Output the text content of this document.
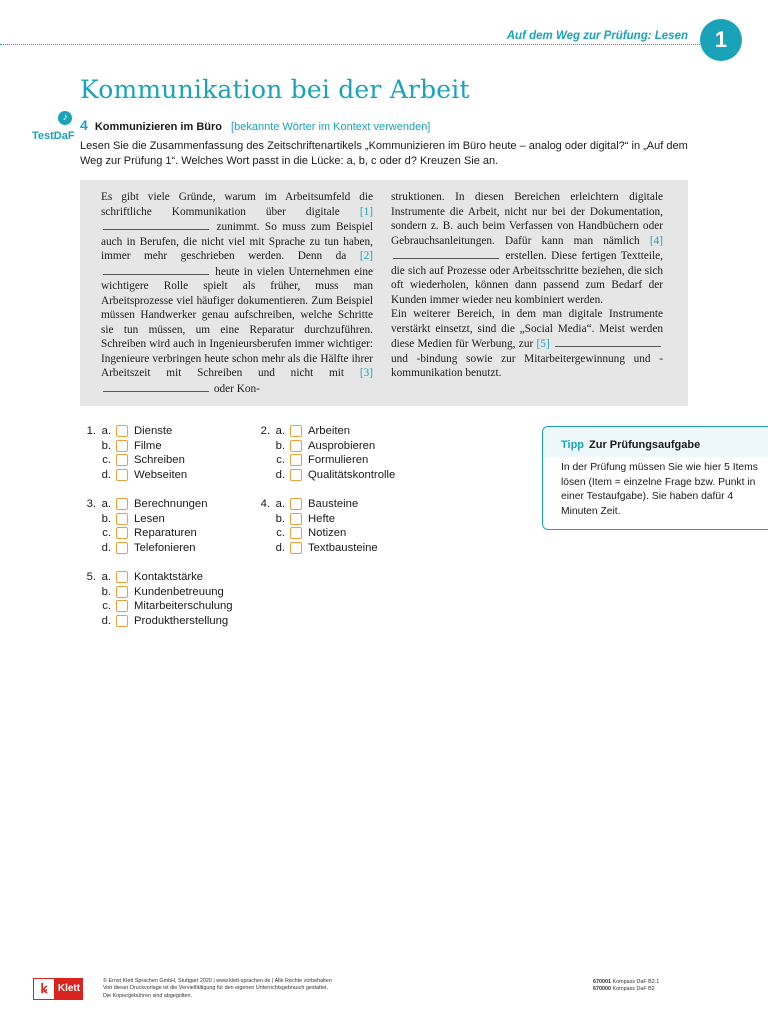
Auf dem Weg zur Prüfung: Lesen	1
Kommunikation bei der Arbeit
♪
TestDaF
4 Kommunizieren im Büro [bekannte Wörter im Kontext verwenden]
Lesen Sie die Zusammenfassung des Zeitschriftenartikels „Kommunizieren im Büro heute – analog oder digital?“ in „Auf dem Weg zur Prüfung 1“. Welches Wort passt in die Lücke: a, b, c oder d? Kreuzen Sie an.
Es gibt viele Gründe, warum im Arbeitsumfeld die schriftliche Kommunikation über digitale [1]  zunimmt. So muss zum Beispiel auch in Berufen, die nicht viel mit Sprache zu tun haben, immer mehr geschrieben werden. Denn da [2]  heute in vielen Unternehmen eine wichtigere Rolle spielt als früher, muss man Arbeitsprozesse viel häufiger dokumentieren. Zum Beispiel müssen Handwerker genau aufschreiben, welche Schritte sie tun müssen, um eine Reparatur durchzuführen. Schreiben wird auch in Ingenieursberufen immer wichtiger: Ingenieure verbringen heute schon mehr als die Hälfte ihrer Arbeitszeit mit Schreiben und nicht mit [3]  oder Kon-

struktionen. In diesen Bereichen erleichtern digitale Instrumente die Arbeit, nicht nur bei der Dokumentation, sondern z. B. auch beim Verfassen von Handbüchern oder Gebrauchsanleitungen. Dafür kann man nämlich [4]  erstellen. Diese fertigen Textteile, die sich auf Prozesse oder Arbeitsschritte beziehen, die sich oft wiederholen, können dann passend zum Bedarf der Kunden immer wieder neu kombiniert werden.

Ein weiterer Bereich, in dem man digitale Instrumente verstärkt einsetzt, sind die „Social Media“. Meist werden diese Medien für Werbung, zur [5]  und -bindung sowie zur Mitarbeitergewinnung und -kommunikation benutzt.

1. a. Dienste
b. Filme
c. Schreiben
d. Webseiten
2. a. Arbeiten
b. Ausprobieren
c. Formulieren
d. Qualitätskontrolle
3. a. Berechnungen
b. Lesen
c. Reparaturen
d. Telefonieren
4. a. Bausteine
b. Hefte
c. Notizen
d. Textbausteine
5. a. Kontaktstärke
b. Kundenbetreuung
c. Mitarbeiterschulung
d. Produktherstellung
Tipp Zur Prüfungsaufgabe
In der Prüfung müssen Sie wie hier 5 Items lösen (Item = einzelne Frage bzw. Punkt in einer Testaufgabe). Sie haben dafür 4 Minuten Zeit.
ꝃ	Klett
© Ernst Klett Sprachen GmbH, Stuttgart 2020 | www.klett-sprachen.de | Alle Rechte vorbehalten
Von dieser Druckvorlage ist die Vervielfältigung für den eigenen Unterrichtsgebrauch gestattet.
Die Kopiergebühren sind abgegolten.
670001 Kompass DaF B2.1
670000 Kompass DaF B2
